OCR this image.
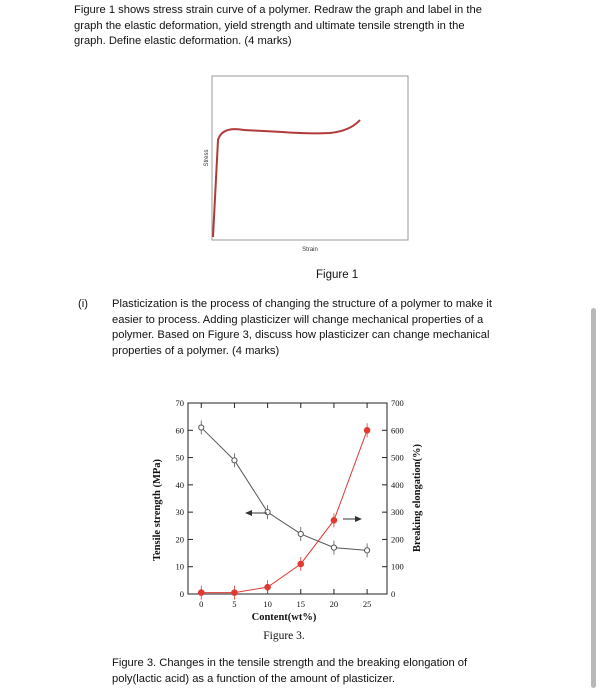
Figure 1 shows stress strain curve of a polymer. Redraw the graph and label in the
graph the elastic deformation, yield strength and ultimate tensile strength in the
graph. Define elastic deformation. (4 marks)
Stress
Strain
Figure 1
(i) Plasticization is the process of changing the structure of a polymer to make it
easier to process. Adding plasticizer will change mechanical properties of a
polymer. Based on Figure 3, discuss how plasticizer can change mechanical
properties of a polymer. (4 marks)
0	5	10	15	20	25
0
10
20
30
40
50
60
70
0
100
200
300
400
500
600
700
Tensile strength (MPa)	Breaking elongation(%)
Content(wt%)
Figure 3.
Figure 3. Changes in the tensile strength and the breaking elongation of
poly(lactic acid) as a function of the amount of plasticizer.
